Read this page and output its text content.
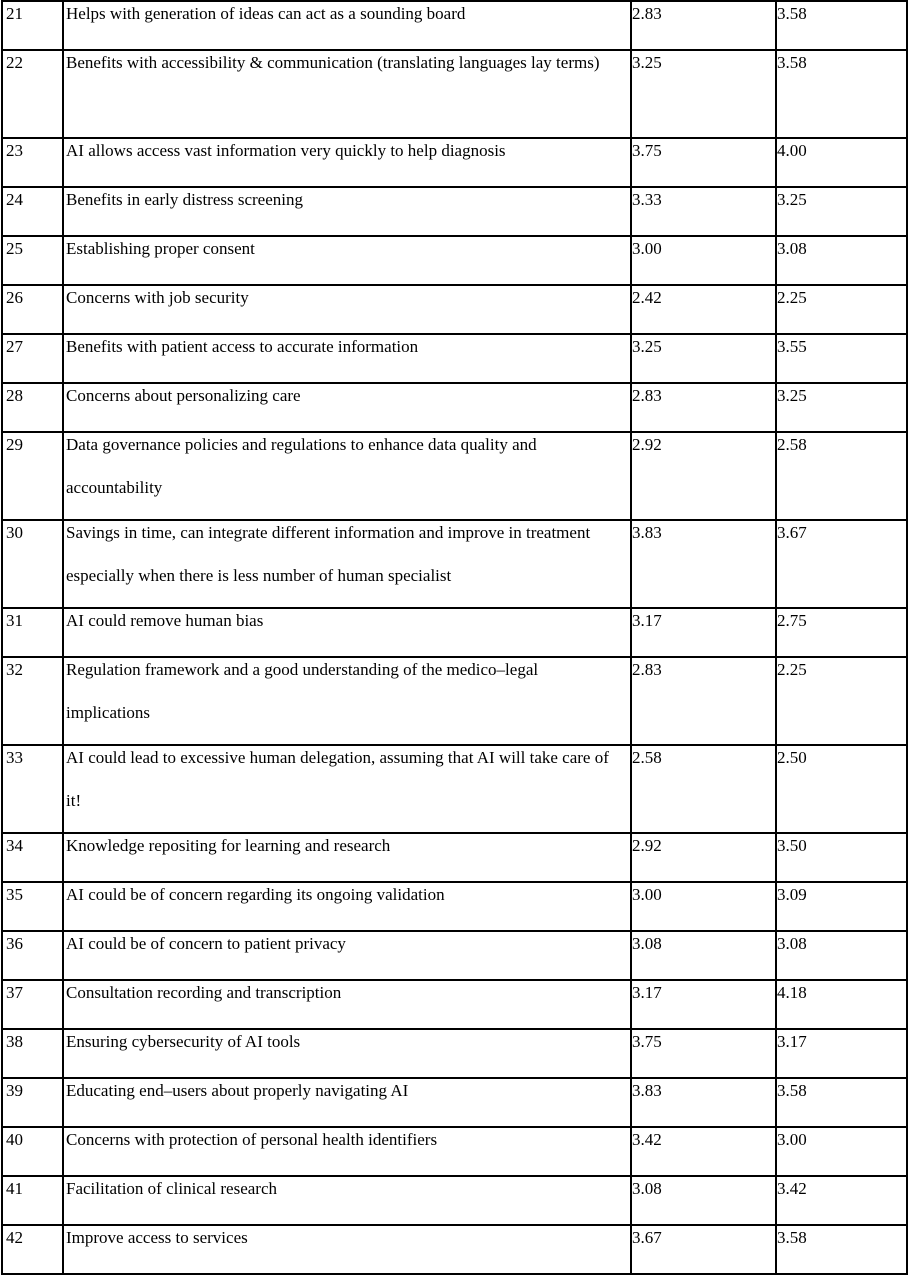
21	Helps with generation of ideas can act as a sounding board	2.83	3.58

22	Benefits with accessibility & communication (translating languages lay terms)	3.25	3.58

23	AI allows access vast information very quickly to help diagnosis	3.75	4.00

24	Benefits in early distress screening	3.33	3.25

25	Establishing proper consent	3.00	3.08

26	Concerns with job security	2.42	2.25

27	Benefits with patient access to accurate information	3.25	3.55

28	Concerns about personalizing care	2.83	3.25

29	Data governance policies and regulations to enhance data quality and accountability	2.92	2.58

30	Savings in time, can integrate different information and improve in treatment especially when there is less number of human specialist	3.83	3.67

31	AI could remove human bias	3.17	2.75

32	Regulation framework and a good understanding of the medico–legal implications	2.83	2.25

33	AI could lead to excessive human delegation, assuming that AI will take care of it!	2.58	2.50

34	Knowledge repositing for learning and research	2.92	3.50

35	AI could be of concern regarding its ongoing validation	3.00	3.09

36	AI could be of concern to patient privacy	3.08	3.08

37	Consultation recording and transcription	3.17	4.18

38	Ensuring cybersecurity of AI tools	3.75	3.17

39	Educating end–users about properly navigating AI	3.83	3.58

40	Concerns with protection of personal health identifiers	3.42	3.00

41	Facilitation of clinical research	3.08	3.42

42	Improve access to services	3.67	3.58
